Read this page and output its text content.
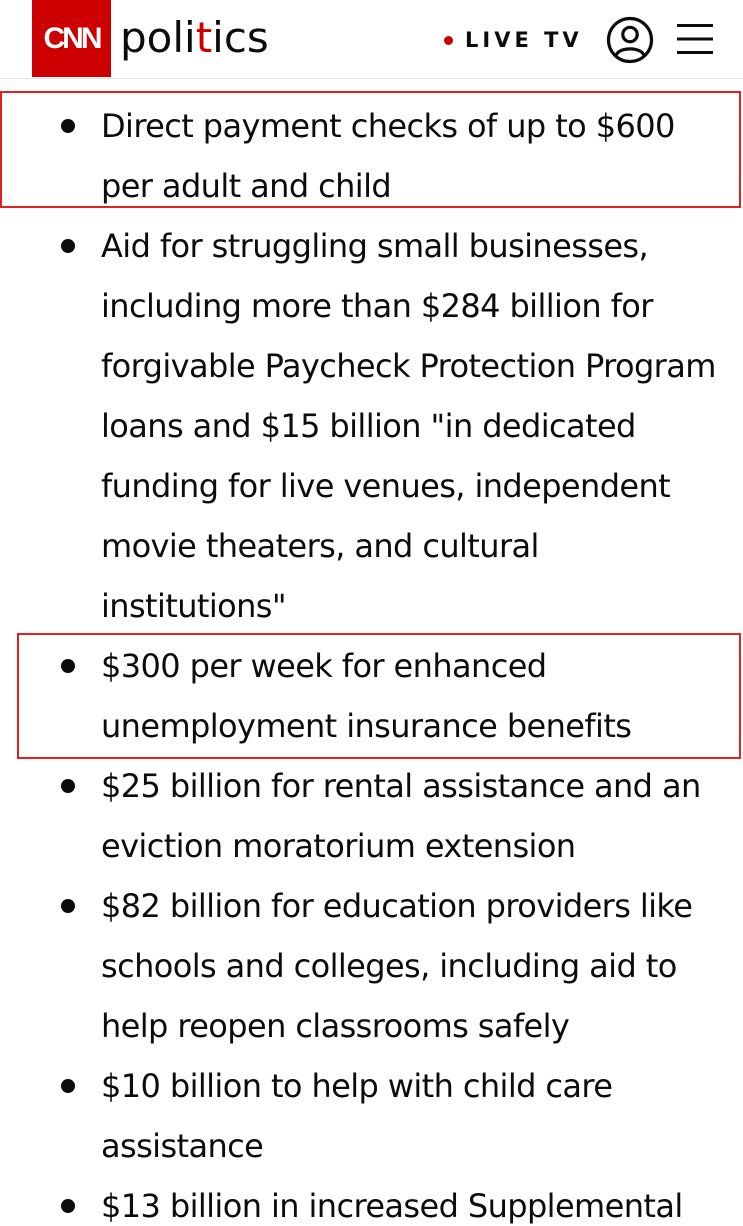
CNN politics	LIVE TV
Direct payment checks of up to $600 per adult and child
Aid for struggling small businesses, including more than $284 billion for forgivable Paycheck Protection Program loans and $15 billion "in dedicated funding for live venues, independent movie theaters, and cultural institutions"
$300 per week for enhanced unemployment insurance benefits
$25 billion for rental assistance and an eviction moratorium extension
$82 billion for education providers like schools and colleges, including aid to help reopen classrooms safely
$10 billion to help with child care assistance
$13 billion in increased Supplemental
